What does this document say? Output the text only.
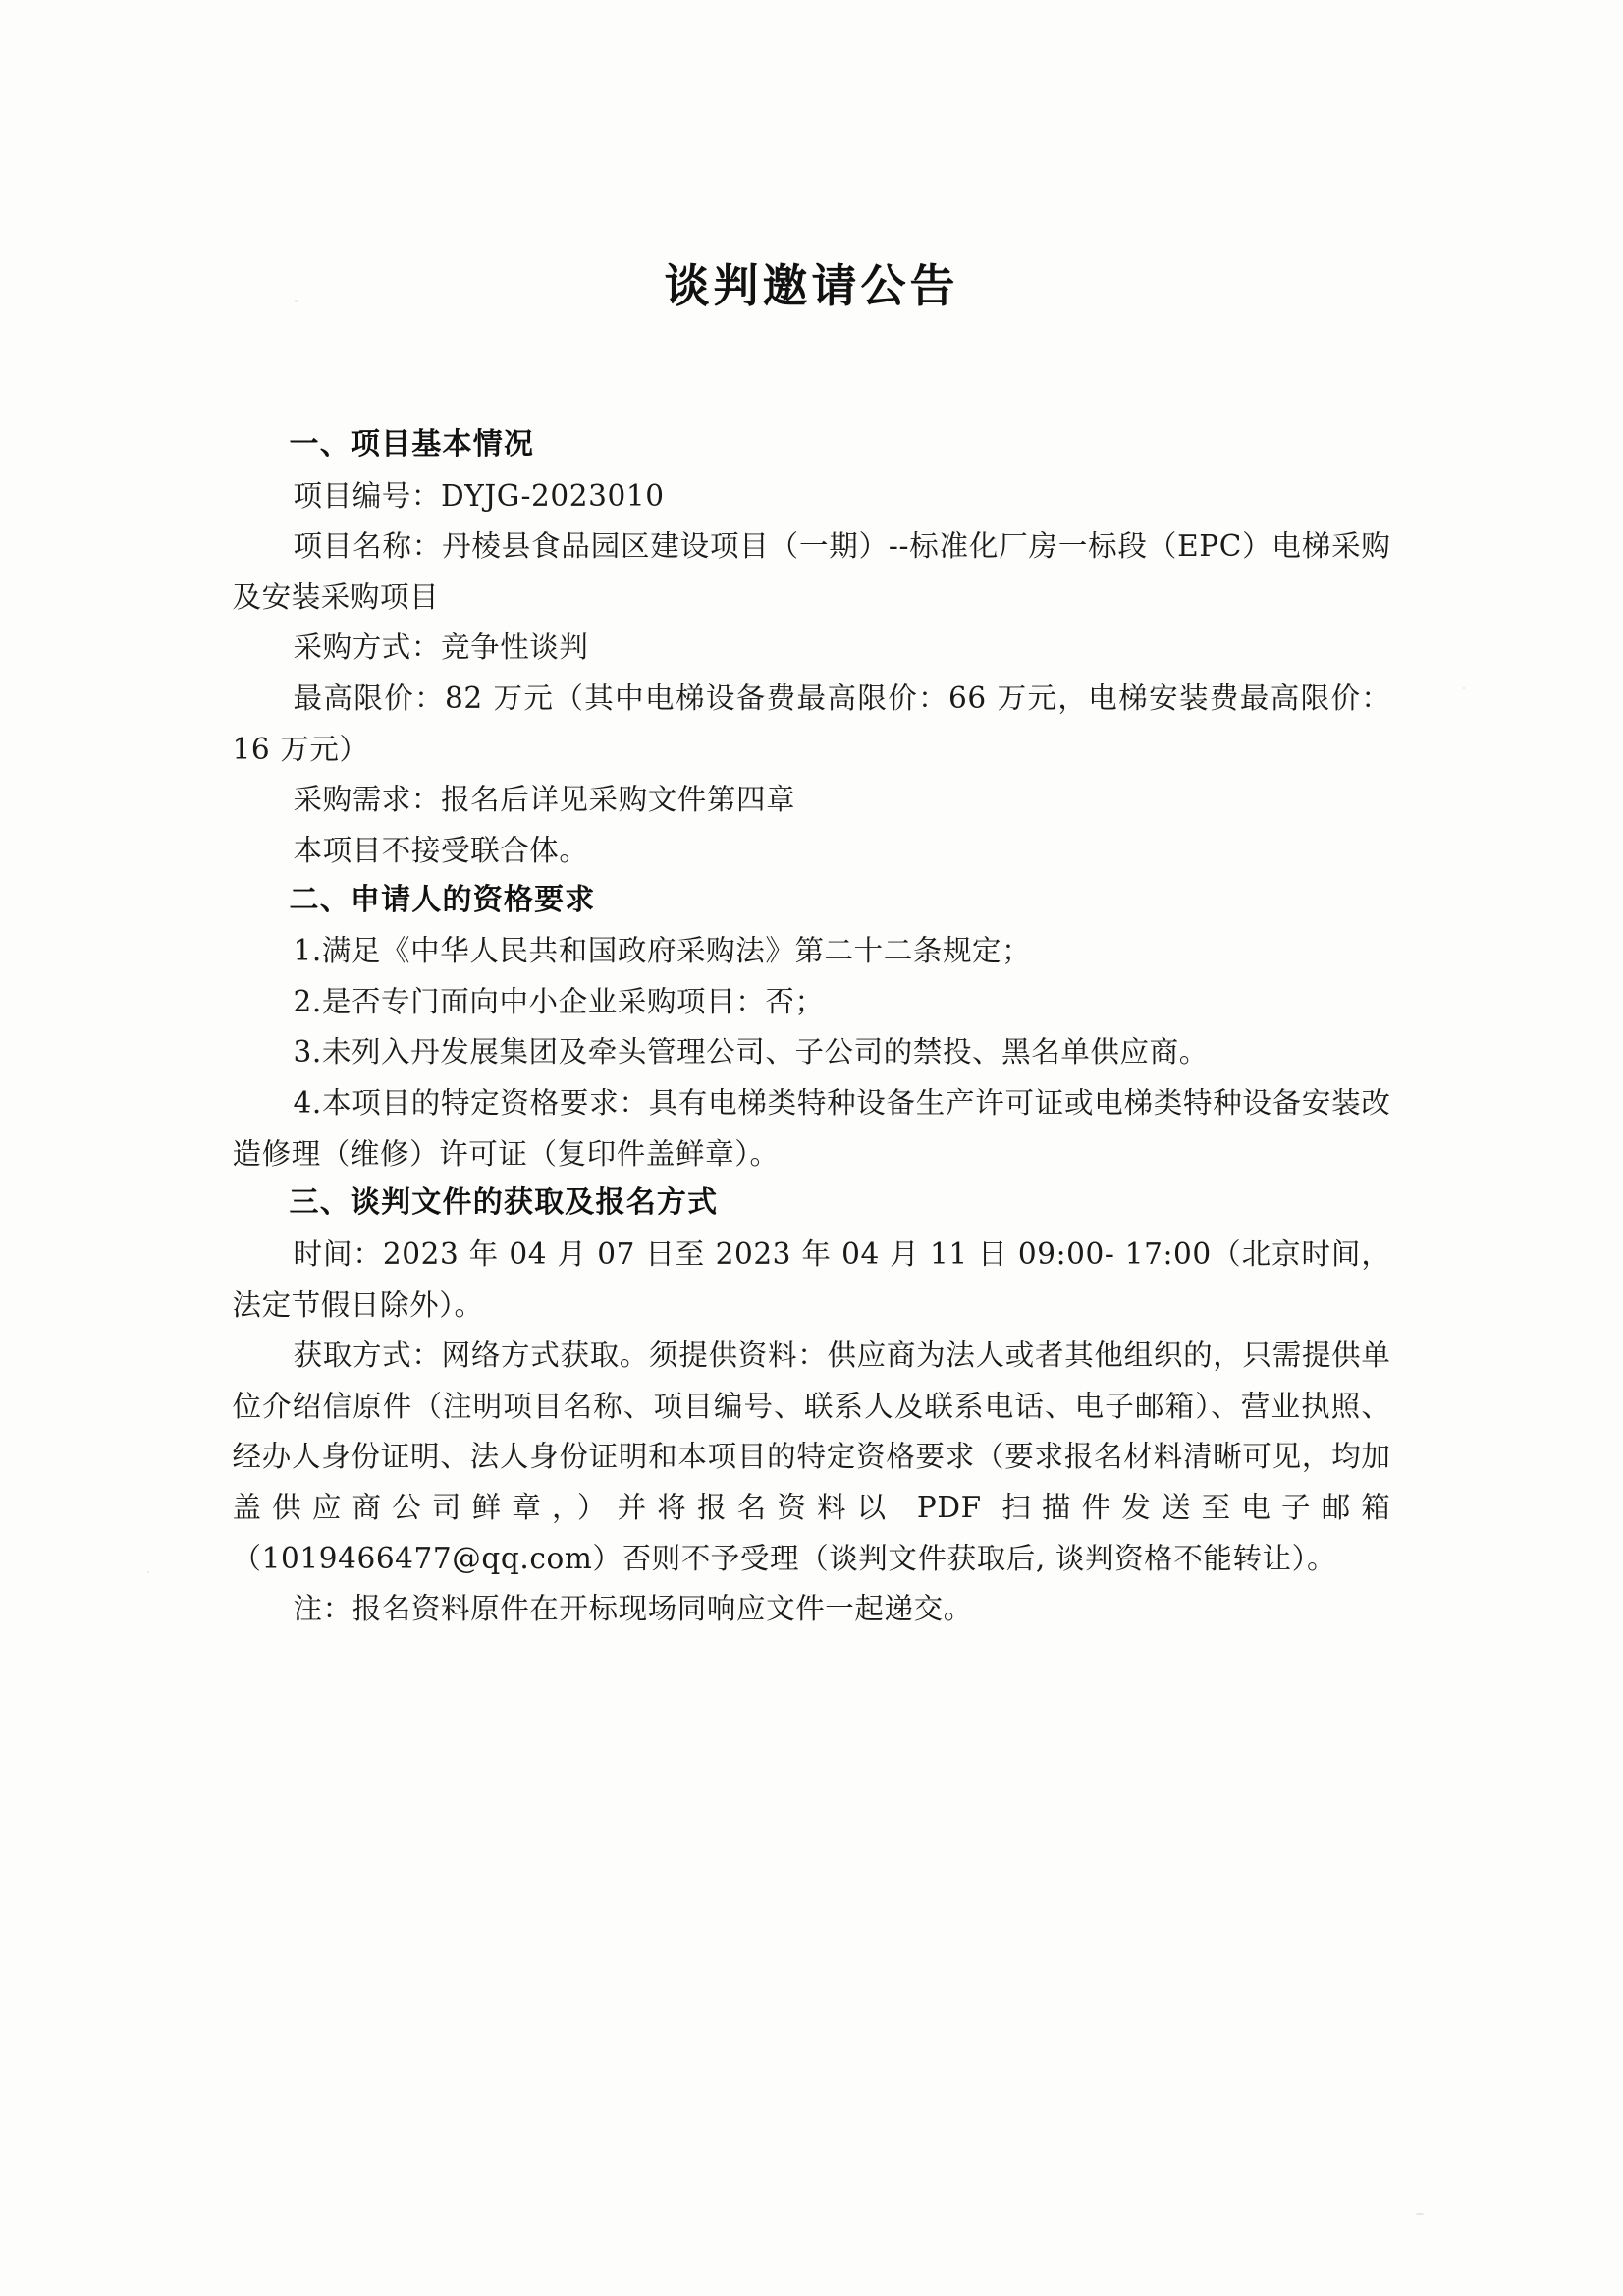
谈判邀请公告
一、项目基本情况

项目编号：DYJG-2023010

项目名称：丹棱县食品园区建设项目（一期）--标准化厂房一标段（EPC）电梯采购及安装采购项目

采购方式：竞争性谈判

最高限价：82 万元（其中电梯设备费最高限价：66 万元，电梯安装费最高限价：16 万元）

采购需求：报名后详见采购文件第四章

本项目不接受联合体。

二、申请人的资格要求

1.满足《中华人民共和国政府采购法》第二十二条规定；

2.是否专门面向中小企业采购项目：否；

3.未列入丹发展集团及牵头管理公司、子公司的禁投、黑名单供应商。

4.本项目的特定资格要求：具有电梯类特种设备生产许可证或电梯类特种设备安装改造修理（维修）许可证（复印件盖鲜章）。

三、谈判文件的获取及报名方式

时间：2023 年 04 月 07 日至 2023 年 04 月 11 日 09:00- 17:00（北京时间，法定节假日除外）。

获取方式：网络方式获取。须提供资料：供应商为法人或者其他组织的，只需提供单位介绍信原件（注明项目名称、项目编号、联系人及联系电话、电子邮箱）、营业执照、经办人身份证明、法人身份证明和本项目的特定资格要求（要求报名材料清晰可见，均加盖供应商公司鲜章，）并将报名资料以 PDF 扫描件发送至电子邮箱（1019466477@qq.com）否则不予受理（谈判文件获取后, 谈判资格不能转让）。

注：报名资料原件在开标现场同响应文件一起递交。
